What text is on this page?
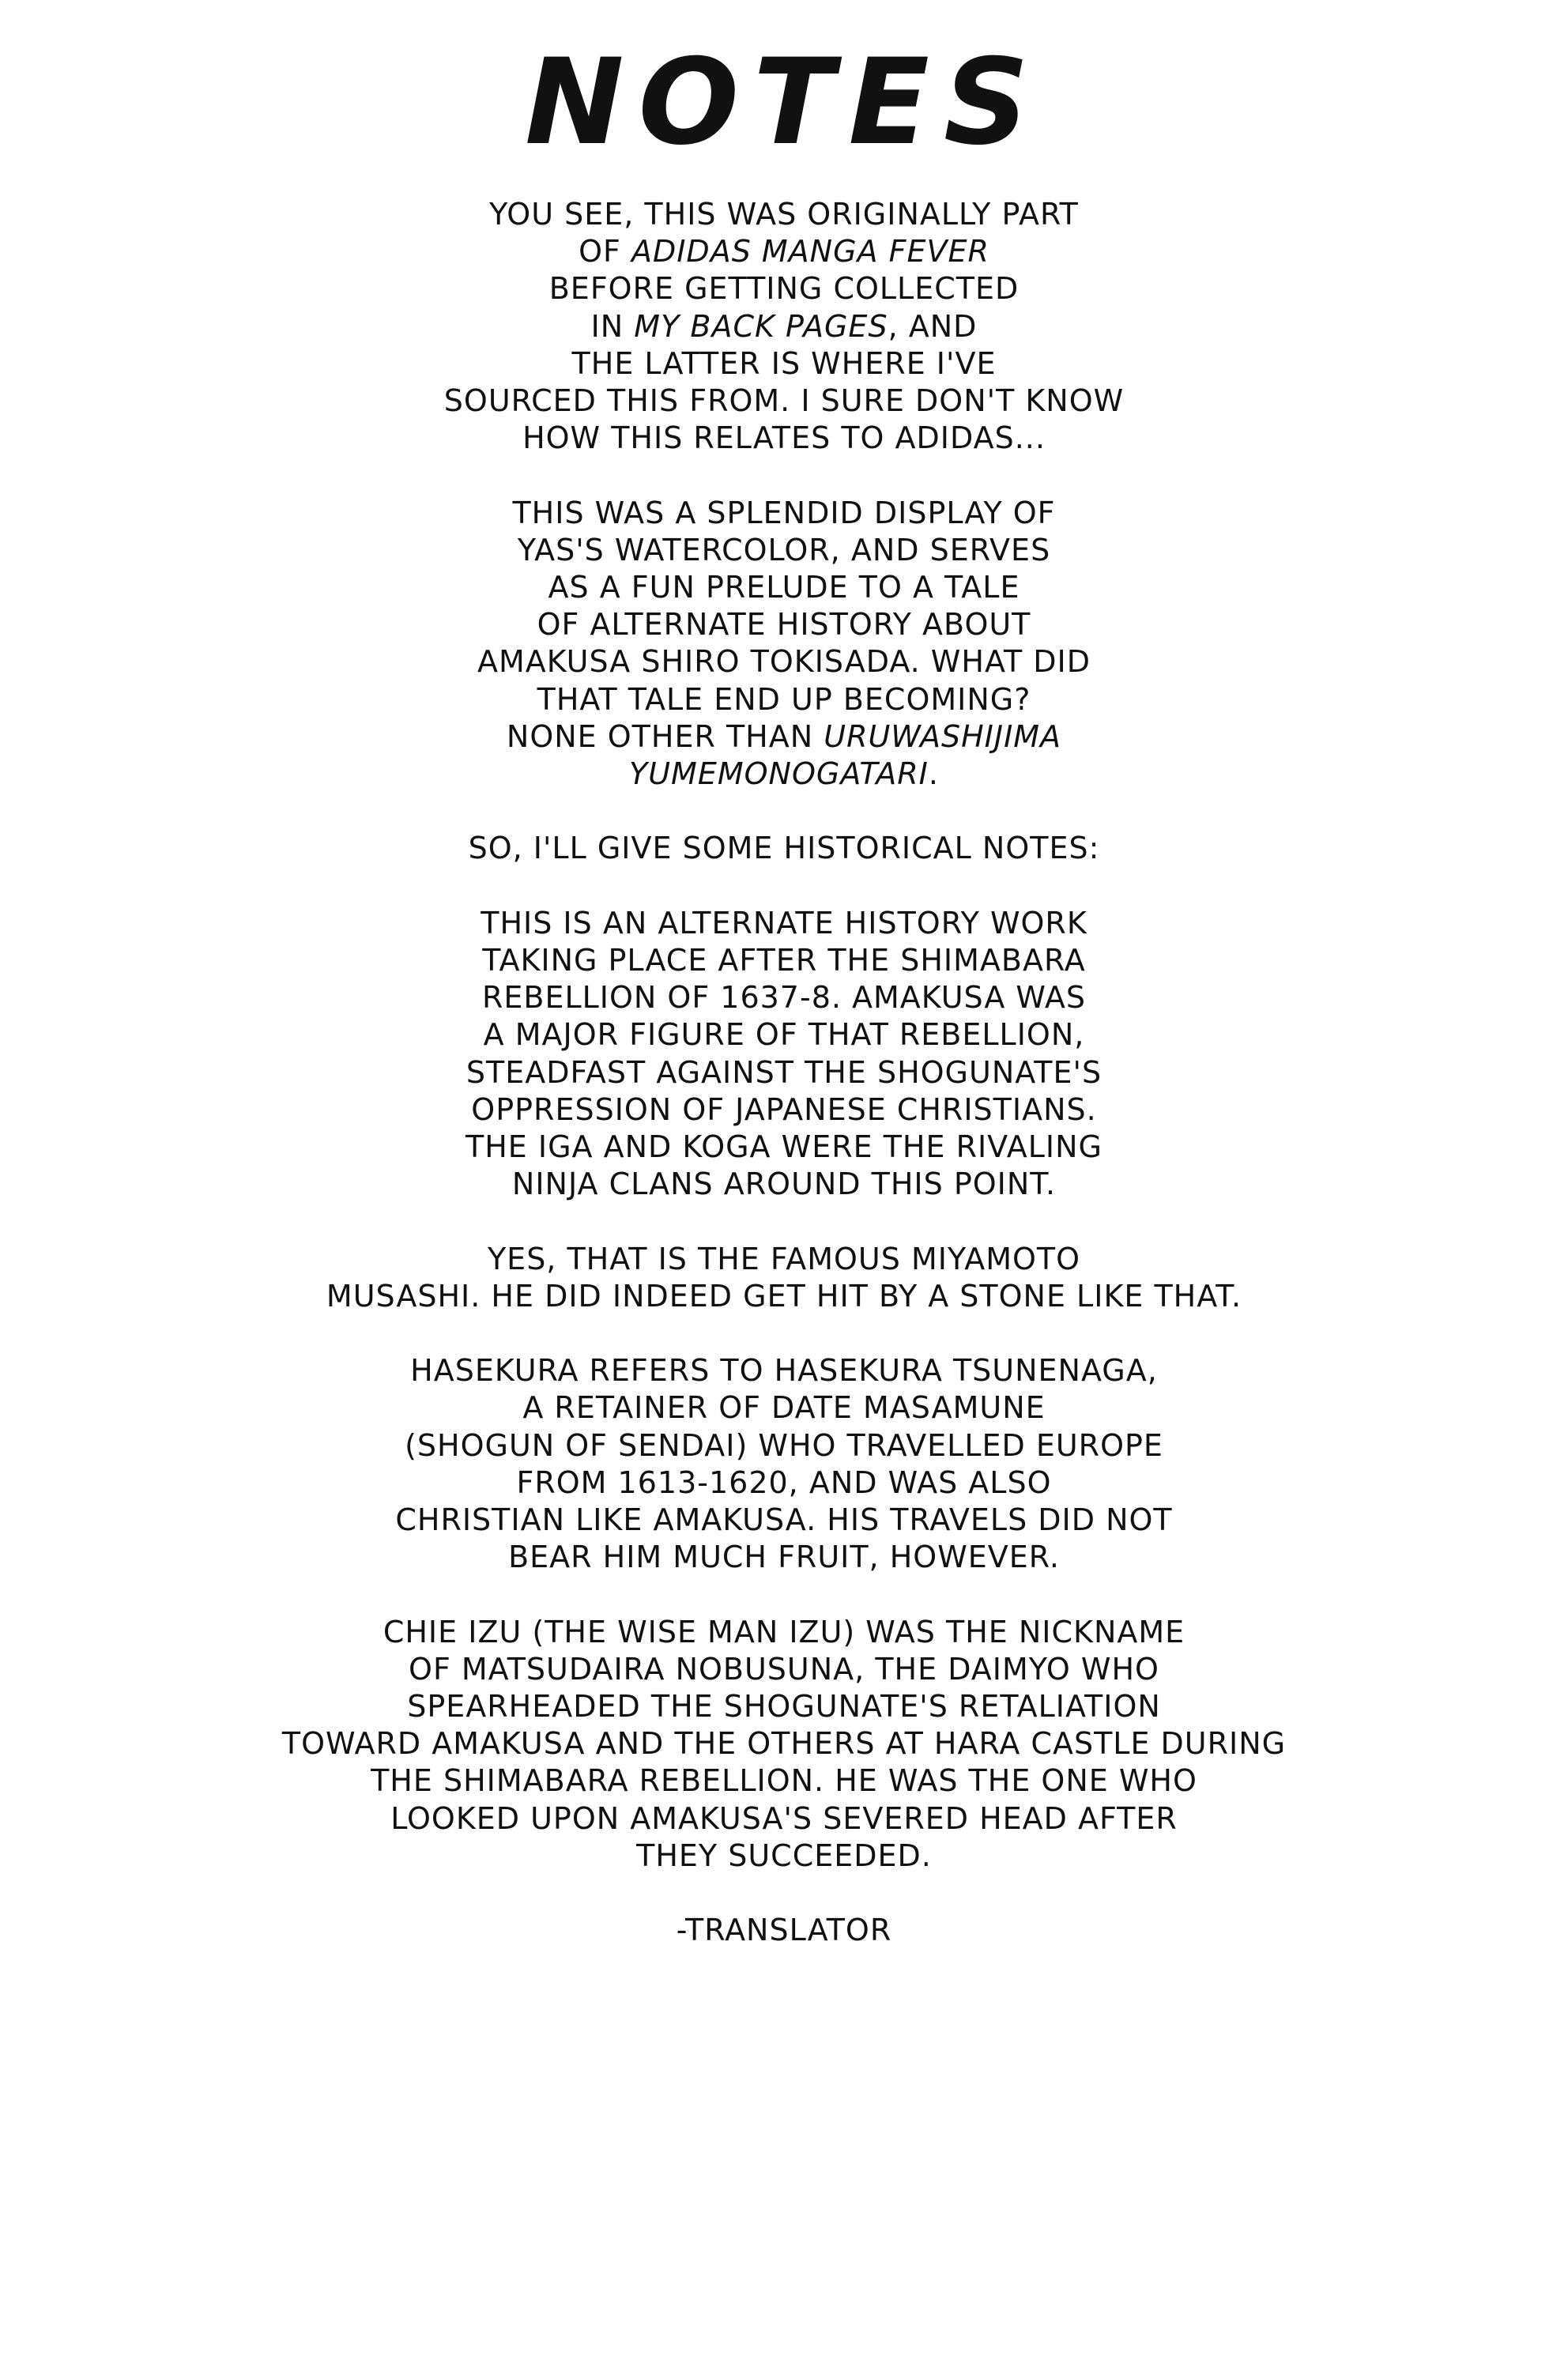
NOTES
YOU SEE, THIS WAS ORIGINALLY PART
OF ADIDAS MANGA FEVER
BEFORE GETTING COLLECTED
IN MY BACK PAGES, AND
THE LATTER IS WHERE I'VE
SOURCED THIS FROM. I SURE DON'T KNOW
HOW THIS RELATES TO ADIDAS...
THIS WAS A SPLENDID DISPLAY OF
YAS'S WATERCOLOR, AND SERVES
AS A FUN PRELUDE TO A TALE
OF ALTERNATE HISTORY ABOUT
AMAKUSA SHIRO TOKISADA. WHAT DID
THAT TALE END UP BECOMING?
NONE OTHER THAN URUWASHIJIMA
YUMEMONOGATARI.
SO, I'LL GIVE SOME HISTORICAL NOTES:
THIS IS AN ALTERNATE HISTORY WORK
TAKING PLACE AFTER THE SHIMABARA
REBELLION OF 1637-8. AMAKUSA WAS
A MAJOR FIGURE OF THAT REBELLION,
STEADFAST AGAINST THE SHOGUNATE'S
OPPRESSION OF JAPANESE CHRISTIANS.
THE IGA AND KOGA WERE THE RIVALING
NINJA CLANS AROUND THIS POINT.
YES, THAT IS THE FAMOUS MIYAMOTO
MUSASHI. HE DID INDEED GET HIT BY A STONE LIKE THAT.
HASEKURA REFERS TO HASEKURA TSUNENAGA,
A RETAINER OF DATE MASAMUNE
(SHOGUN OF SENDAI) WHO TRAVELLED EUROPE
FROM 1613-1620, AND WAS ALSO
CHRISTIAN LIKE AMAKUSA. HIS TRAVELS DID NOT
BEAR HIM MUCH FRUIT, HOWEVER.
CHIE IZU (THE WISE MAN IZU) WAS THE NICKNAME
OF MATSUDAIRA NOBUSUNA, THE DAIMYO WHO
SPEARHEADED THE SHOGUNATE'S RETALIATION
TOWARD AMAKUSA AND THE OTHERS AT HARA CASTLE DURING
THE SHIMABARA REBELLION. HE WAS THE ONE WHO
LOOKED UPON AMAKUSA'S SEVERED HEAD AFTER
THEY SUCCEEDED.
-TRANSLATOR
